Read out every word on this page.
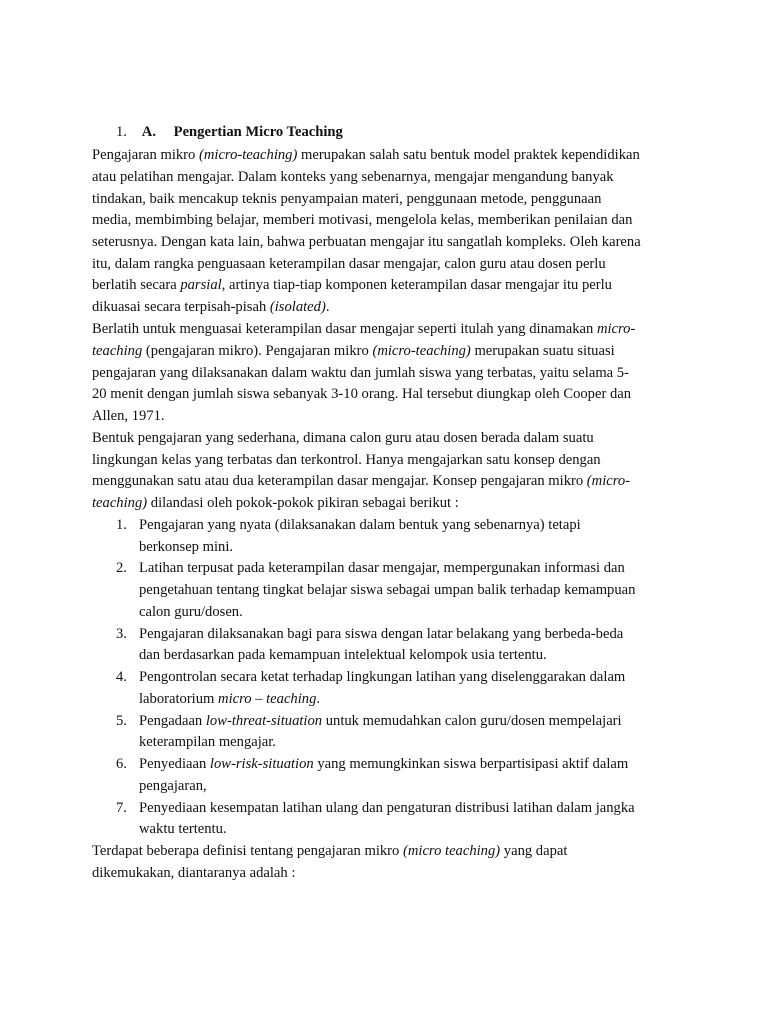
1. A. Pengertian Micro Teaching
Pengajaran mikro (micro-teaching) merupakan salah satu bentuk model praktek kependidikan
atau pelatihan mengajar. Dalam konteks yang sebenarnya, mengajar mengandung banyak
tindakan, baik mencakup teknis penyampaian materi, penggunaan metode, penggunaan
media, membimbing belajar, memberi motivasi, mengelola kelas, memberikan penilaian dan
seterusnya. Dengan kata lain, bahwa perbuatan mengajar itu sangatlah kompleks. Oleh karena
itu, dalam rangka penguasaan keterampilan dasar mengajar, calon guru atau dosen perlu
berlatih secara parsial, artinya tiap-tiap komponen keterampilan dasar mengajar itu perlu
dikuasai secara terpisah-pisah (isolated).
Berlatih untuk menguasai keterampilan dasar mengajar seperti itulah yang dinamakan micro-
teaching (pengajaran mikro). Pengajaran mikro (micro-teaching) merupakan suatu situasi
pengajaran yang dilaksanakan dalam waktu dan jumlah siswa yang terbatas, yaitu selama 5-
20 menit dengan jumlah siswa sebanyak 3-10 orang. Hal tersebut diungkap oleh Cooper dan
Allen, 1971.
Bentuk pengajaran yang sederhana, dimana calon guru atau dosen berada dalam suatu
lingkungan kelas yang terbatas dan terkontrol. Hanya mengajarkan satu konsep dengan
menggunakan satu atau dua keterampilan dasar mengajar. Konsep pengajaran mikro (micro-
teaching) dilandasi oleh pokok-pokok pikiran sebagai berikut :
1. Pengajaran yang nyata (dilaksanakan dalam bentuk yang sebenarnya) tetapi
berkonsep mini.
2. Latihan terpusat pada keterampilan dasar mengajar, mempergunakan informasi dan
pengetahuan tentang tingkat belajar siswa sebagai umpan balik terhadap kemampuan
calon guru/dosen.
3. Pengajaran dilaksanakan bagi para siswa dengan latar belakang yang berbeda-beda
dan berdasarkan pada kemampuan intelektual kelompok usia tertentu.
4. Pengontrolan secara ketat terhadap lingkungan latihan yang diselenggarakan dalam
laboratorium micro – teaching.
5. Pengadaan low-threat-situation untuk memudahkan calon guru/dosen mempelajari
keterampilan mengajar.
6. Penyediaan low-risk-situation yang memungkinkan siswa berpartisipasi aktif dalam
pengajaran,
7. Penyediaan kesempatan latihan ulang dan pengaturan distribusi latihan dalam jangka
waktu tertentu.
Terdapat beberapa definisi tentang pengajaran mikro (micro teaching) yang dapat
dikemukakan, diantaranya adalah :
